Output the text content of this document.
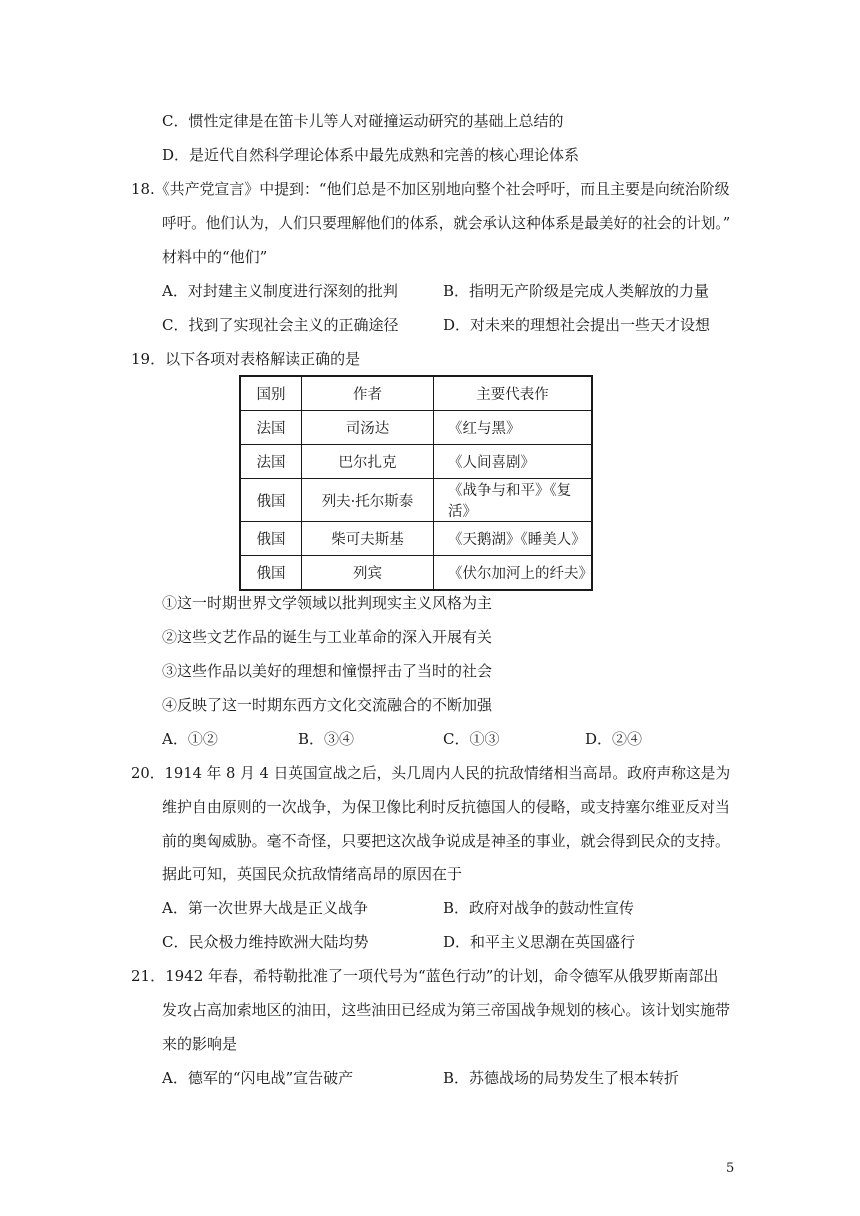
C．惯性定律是在笛卡儿等人对碰撞运动研究的基础上总结的
D．是近代自然科学理论体系中最先成熟和完善的核心理论体系
18.《共产党宣言》中提到：“他们总是不加区别地向整个社会呼吁，而且主要是向统治阶级
呼吁。他们认为，人们只要理解他们的体系，就会承认这种体系是最美好的社会的计划。”
材料中的“他们”
A．对封建主义制度进行深刻的批判	B．指明无产阶级是完成人类解放的力量
C．找到了实现社会主义的正确途径	D．对未来的理想社会提出一些天才设想
19．以下各项对表格解读正确的是
国别	作者	主要代表作
法国	司汤达	《红与黑》
法国	巴尔扎克	《人间喜剧》
俄国	列夫·托尔斯泰	《战争与和平》《复活》
俄国	柴可夫斯基	《天鹅湖》《睡美人》
俄国	列宾	《伏尔加河上的纤夫》
①这一时期世界文学领域以批判现实主义风格为主
②这些文艺作品的诞生与工业革命的深入开展有关
③这些作品以美好的理想和憧憬抨击了当时的社会
④反映了这一时期东西方文化交流融合的不断加强
A．①②	B．③④	C．①③	D．②④
20．1914 年 8 月 4 日英国宣战之后，头几周内人民的抗敌情绪相当高昂。政府声称这是为
维护自由原则的一次战争，为保卫像比利时反抗德国人的侵略，或支持塞尔维亚反对当
前的奥匈威胁。毫不奇怪，只要把这次战争说成是神圣的事业，就会得到民众的支持。
据此可知，英国民众抗敌情绪高昂的原因在于
A．第一次世界大战是正义战争	B．政府对战争的鼓动性宣传
C．民众极力维持欧洲大陆均势	D．和平主义思潮在英国盛行
21．1942 年春，希特勒批准了一项代号为“蓝色行动”的计划，命令德军从俄罗斯南部出
发攻占高加索地区的油田，这些油田已经成为第三帝国战争规划的核心。该计划实施带
来的影响是
A．德军的“闪电战”宣告破产	B．苏德战场的局势发生了根本转折
5
